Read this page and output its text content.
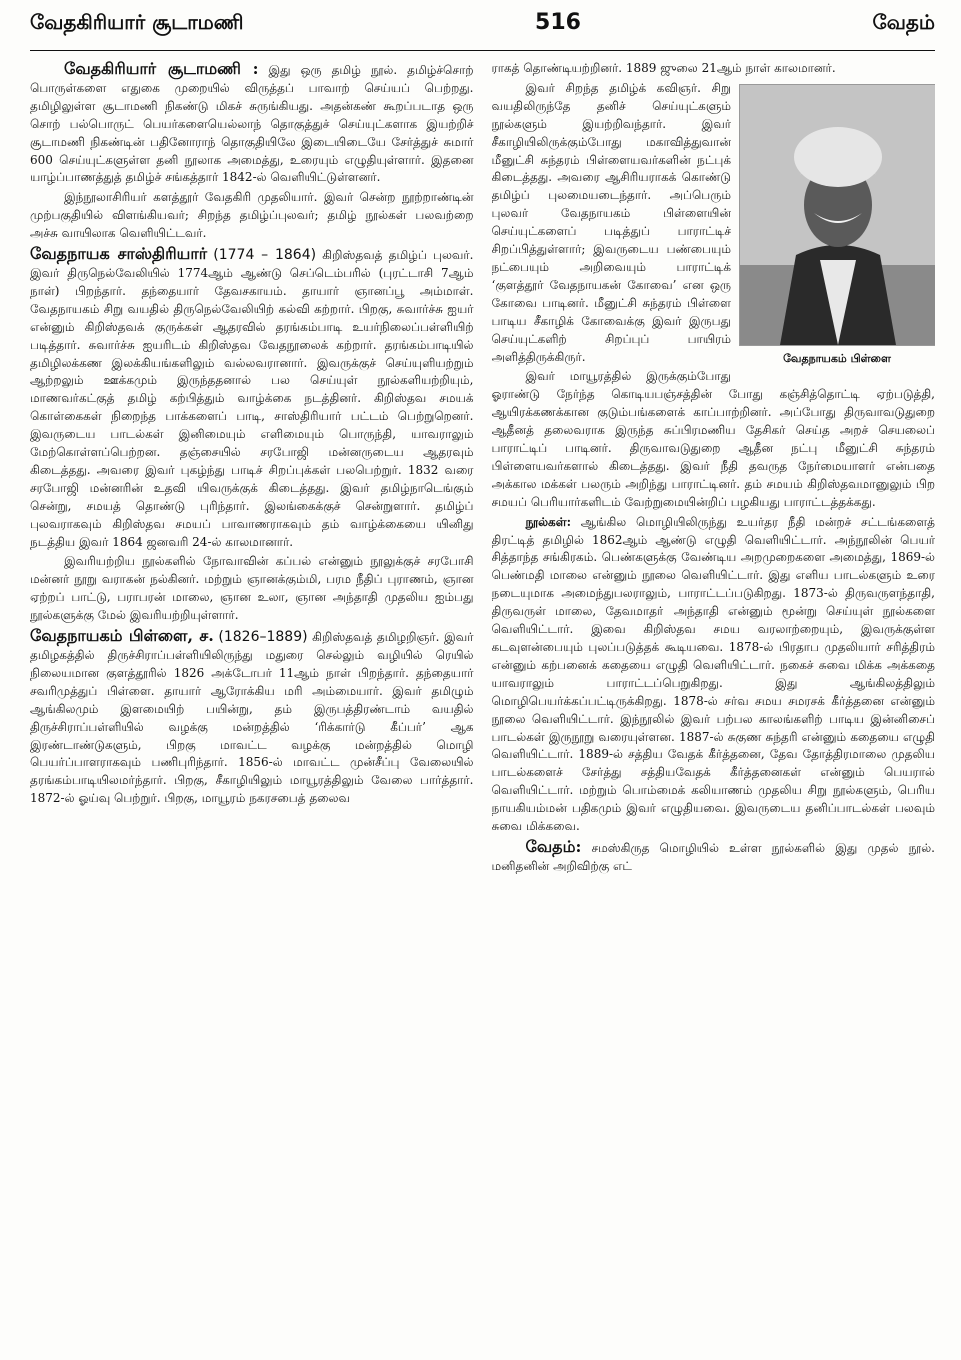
வேதகிரியார் சூடாமணி	516	வேதம்

வேதகிரியார் சூடாமணி : இது ஒரு தமிழ் நூல். தமிழ்ச்சொற் பொருள்களை எதுகை முறையில் விருத்தப் பாவாற் செய்யப் பெற்றது. தமிழிலுள்ள சூடாமணி நிகண்டு மிகச் சுருங்கியது. அதன்கண் கூறப்படாத ஒரு சொற் பல்பொருட் பெயர்களையெல்லாந் தொகுத்துச் செய்யுட்களாக இயற்றிச் சூடாமணி நிகண்டின் பதினோராந் தொகுதியிலே இடையிடையே சேர்த்துச் சுமார் 600 செய்யுட்களுள்ள தனி நூலாக அமைத்து, உரையும் எழுதியுள்ளார். இதனை யாழ்ப்பாணத்துத் தமிழ்ச் சங்கத்தார் 1842-ல் வெளியிட்டுள்ளனர்.

இந்நூலாசிரியர் களத்தூர் வேதகிரி முதலியார். இவர் சென்ற நூற்றாண்டின் முற்பகுதியில் விளங்கியவர்; சிறந்த தமிழ்ப்புலவர்; தமிழ் நூல்கள் பலவற்றை அச்சு வாயிலாக வெளியிட்டவர்.

வேதநாயக சாஸ்திரியார் (1774 – 1864) கிறிஸ்தவத் தமிழ்ப் புலவர். இவர் திருநெல்வேலியில் 1774ஆம் ஆண்டு செப்டெம்பரில் (புரட்டாசி 7ஆம் நாள்) பிறந்தார். தந்தையார் தேவசகாயம். தாயார் ஞானப்பூ அம்மாள். வேதநாயகம் சிறு வயதில் திருநெல்வேலியிற் கல்வி கற்றார். பிறகு, சுவார்ச்சு ஐயர் என்னும் கிறிஸ்தவக் குருக்கள் ஆதரவில் தரங்கம்பாடி உயர்நிலைப்பள்ளியிற் படித்தார். சுவார்ச்சு ஐயரிடம் கிறிஸ்தவ வேதநூலைக் கற்றார். தரங்கம்பாடியில் தமிழிலக்கண இலக்கியங்களிலும் வல்லவரானார். இவருக்குச் செய்யுளியற்றும் ஆற்றலும் ஊக்கமும் இருந்ததனால் பல செய்யுள் நூல்களியற்றியும், மாணவர்கட்குத் தமிழ் கற்பித்தும் வாழ்க்கை நடத்தினர். கிறிஸ்தவ சமயக் கொள்கைகள் நிறைந்த பாக்களைப் பாடி, சாஸ்திரியார் பட்டம் பெற்றுறெனர். இவருடைய பாடல்கள் இனிமையும் எளிமையும் பொருந்தி, யாவராலும் மேற்கொள்ளப்பெற்றன. தஞ்சையில் சரபோஜி மன்னருடைய ஆதரவும் கிடைத்தது. அவரை இவர் புகழ்ந்து பாடிச் சிறப்புக்கள் பலபெற்றுர். 1832 வரை சரபோஜி மன்னரின் உதவி யிவருக்குக் கிடைத்தது. இவர் தமிழ்நாடெங்கும் சென்று, சமயத் தொண்டு புரிந்தார். இலங்கைக்குச் சென்றுளார். தமிழ்ப் புலவராகவும் கிறிஸ்தவ சமயப் பாவாணராகவும் தம் வாழ்க்கையை யினிது நடத்திய இவர் 1864 ஜனவரி 24-ல் காலமானார்.

இவரியற்றிய நூல்களில் நோவாவின் கப்பல் என்னும் நூலுக்குச் சரபோசி மன்னர் நூறு வராகன் நல்கினர். மற்றும் ஞானக்கும்மி, பரம நீதிப் புராணம், ஞான ஏற்றப் பாட்டு, பராபரன் மாலை, ஞான உலா, ஞான அந்தாதி முதலிய ஐம்பது நூல்களுக்கு மேல் இவரியற்றியுள்ளார்.

வேதநாயகம் பிள்ளை, ச. (1826–1889) கிறிஸ்தவத் தமிழறிஞர். இவர் தமிழகத்தில் திருச்சிராப்பள்ளியிலிருந்து மதுரை செல்லும் வழியில் ரெயில் நிலையமான குளத்தூரில் 1826 அக்டோபர் 11ஆம் நாள் பிறந்தார். தந்தையார் சவரிமுத்துப் பிள்ளை. தாயார் ஆரோக்கிய மரி அம்மையார். இவர் தமிழும் ஆங்கிலமும் இளமையிற் பயின்று, தம் இருபத்திரண்டாம் வயதில் திருச்சிராப்பள்ளியில் வழக்கு மன்றத்தில் ‘ரிக்கார்டு கீப்பர்’ ஆக இரண்டாண்டுகளும், பிறகு மாவட்ட வழக்கு மன்றத்தில் மொழி பெயர்ப்பாளராகவும் பணிபுரிந்தார். 1856-ல் மாவட்ட முன்சீப்பு வேலையில் தரங்கம்பாடியிலமர்ந்தார். பிறகு, சீகாழியிலும் மாயூரத்திலும் வேலை பார்த்தார். 1872-ல் ஓய்வு பெற்றுர். பிறகு, மாயூரம் நகரசபைத் தலைவ

ராகத் தொண்டியற்றினர். 1889 ஜுலை 21ஆம் நாள் காலமானர்.

வேதநாயகம் பிள்ளை

இவர் சிறந்த தமிழ்க் கவிஞர். சிறு வயதிலிருந்தே தனிச் செய்யுட்களும் நூல்களும் இயற்றிவந்தார். இவர் சீகாழியிலிருக்கும்போது மகாவித்துவான் மீனுட்சி சுந்தரம் பிள்ளையவர்களின் நட்புக் கிடைத்தது. அவரை ஆசிரியராகக் கொண்டு தமிழ்ப் புலமையடைந்தார். அப்பெரும் புலவர் வேதநாயகம் பிள்ளையின் செய்யுட்களைப் படித்துப் பாராட்டிச் சிறப்பித்துள்ளார்; இவருடைய பண்பையும் நட்பையும் அறிவையும் பாராட்டிக் ‘குளத்தூர் வேதநாயகன் கோவை’ என ஒரு கோவை பாடினர். மீனுட்சி சுந்தரம் பிள்ளை பாடிய சீகாழிக் கோவைக்கு இவர் இருபது செய்யுட்களிற் சிறப்புப் பாயிரம் அளித்திருக்கிருர்.

இவர் மாயூரத்தில் இருக்கும்போது ஓராண்டு நேர்ந்த கொடியபஞ்சத்தின் போது கஞ்சித்தொட்டி ஏற்படுத்தி, ஆயிரக்கணக்கான குடும்பங்களைக் காப்பாற்றினர். அப்போது திருவாவடுதுறை ஆதீனத் தலைவராக இருந்த சுப்பிரமணிய தேசிகர் செய்த அறச் செயலைப் பாராட்டிப் பாடினர். திருவாவடுதுறை ஆதீன நட்பு மீனுட்சி சுந்தரம் பிள்ளையவர்களால் கிடைத்தது. இவர் நீதி தவருத நேர்மையாளர் என்பதை அக்கால மக்கள் பலரும் அறிந்து பாராட்டினர். தம் சமயம் கிறிஸ்தவமானுலும் பிற சமயப் பெரியார்களிடம் வேற்றுமையின்றிப் பழகியது பாராட்டத்தக்கது.

நூல்கள்: ஆங்கில மொழியிலிருந்து உயர்தர நீதி மன்றச் சட்டங்களைத் திரட்டித் தமிழில் 1862ஆம் ஆண்டு எழுதி வெளியிட்டார். அந்நூலின் பெயர் சித்தாந்த சங்கிரகம். பெண்களுக்கு வேண்டிய அறமுறைகளை அமைத்து, 1869-ல் பெண்மதி மாலை என்னும் நூலை வெளியிட்டார். இது எளிய பாடல்களும் உரை நடையுமாக அமைந்துபலராலும், பாராட்டப்படுகிறது. 1873-ல் திருவருளந்தாதி, திருவருள் மாலை, தேவமாதா் அந்தாதி என்னும் மூன்று செய்யுள் நூல்களை வெளியிட்டார். இவை கிறிஸ்தவ சமய வரலாற்றையும், இவருக்குள்ள கடவுளன்பையும் புலப்படுத்தக் கூடியவை. 1878-ல் பிரதாப முதலியார் சரித்திரம் என்னும் கற்பனைக் கதையை எழுதி வெளியிட்டார். நகைச் சுவை மிக்க அக்கதை யாவராலும் பாராட்டப்பெறுகிறது. இது ஆங்கிலத்திலும் மொழிபெயர்க்கப்பட்டிருக்கிறது. 1878-ல் சர்வ சமய சமரசக் கீர்த்தனை என்னும் நூலை வெளியிட்டார். இந்நூலில் இவர் பற்பல காலங்களிற் பாடிய இன்னிசைப் பாடல்கள் இருநூறு வரையுள்ளன. 1887-ல் சுகுண சுந்தரி என்னும் கதையை எழுதி வெளியிட்டார். 1889-ல் சத்திய வேதக் கீர்த்தனை, தேவ தோத்திரமாலை முதலிய பாடல்களைச் சேர்த்து சத்தியவேதக் கீர்த்தனைகள் என்னும் பெயரால் வெளியிட்டார். மற்றும் பொம்மைக் கலியாணம் முதலிய சிறு நூல்களும், பெரிய நாயகியம்மன் பதிகமும் இவர் எழுதியவை. இவருடைய தனிப்பாடல்கள் பலவும் சுவை மிக்கவை.

வேதம்: சமஸ்கிருத மொழியில் உள்ள நூல்களில் இது முதல் நூல். மனிதனின் அறிவிற்கு எட்
